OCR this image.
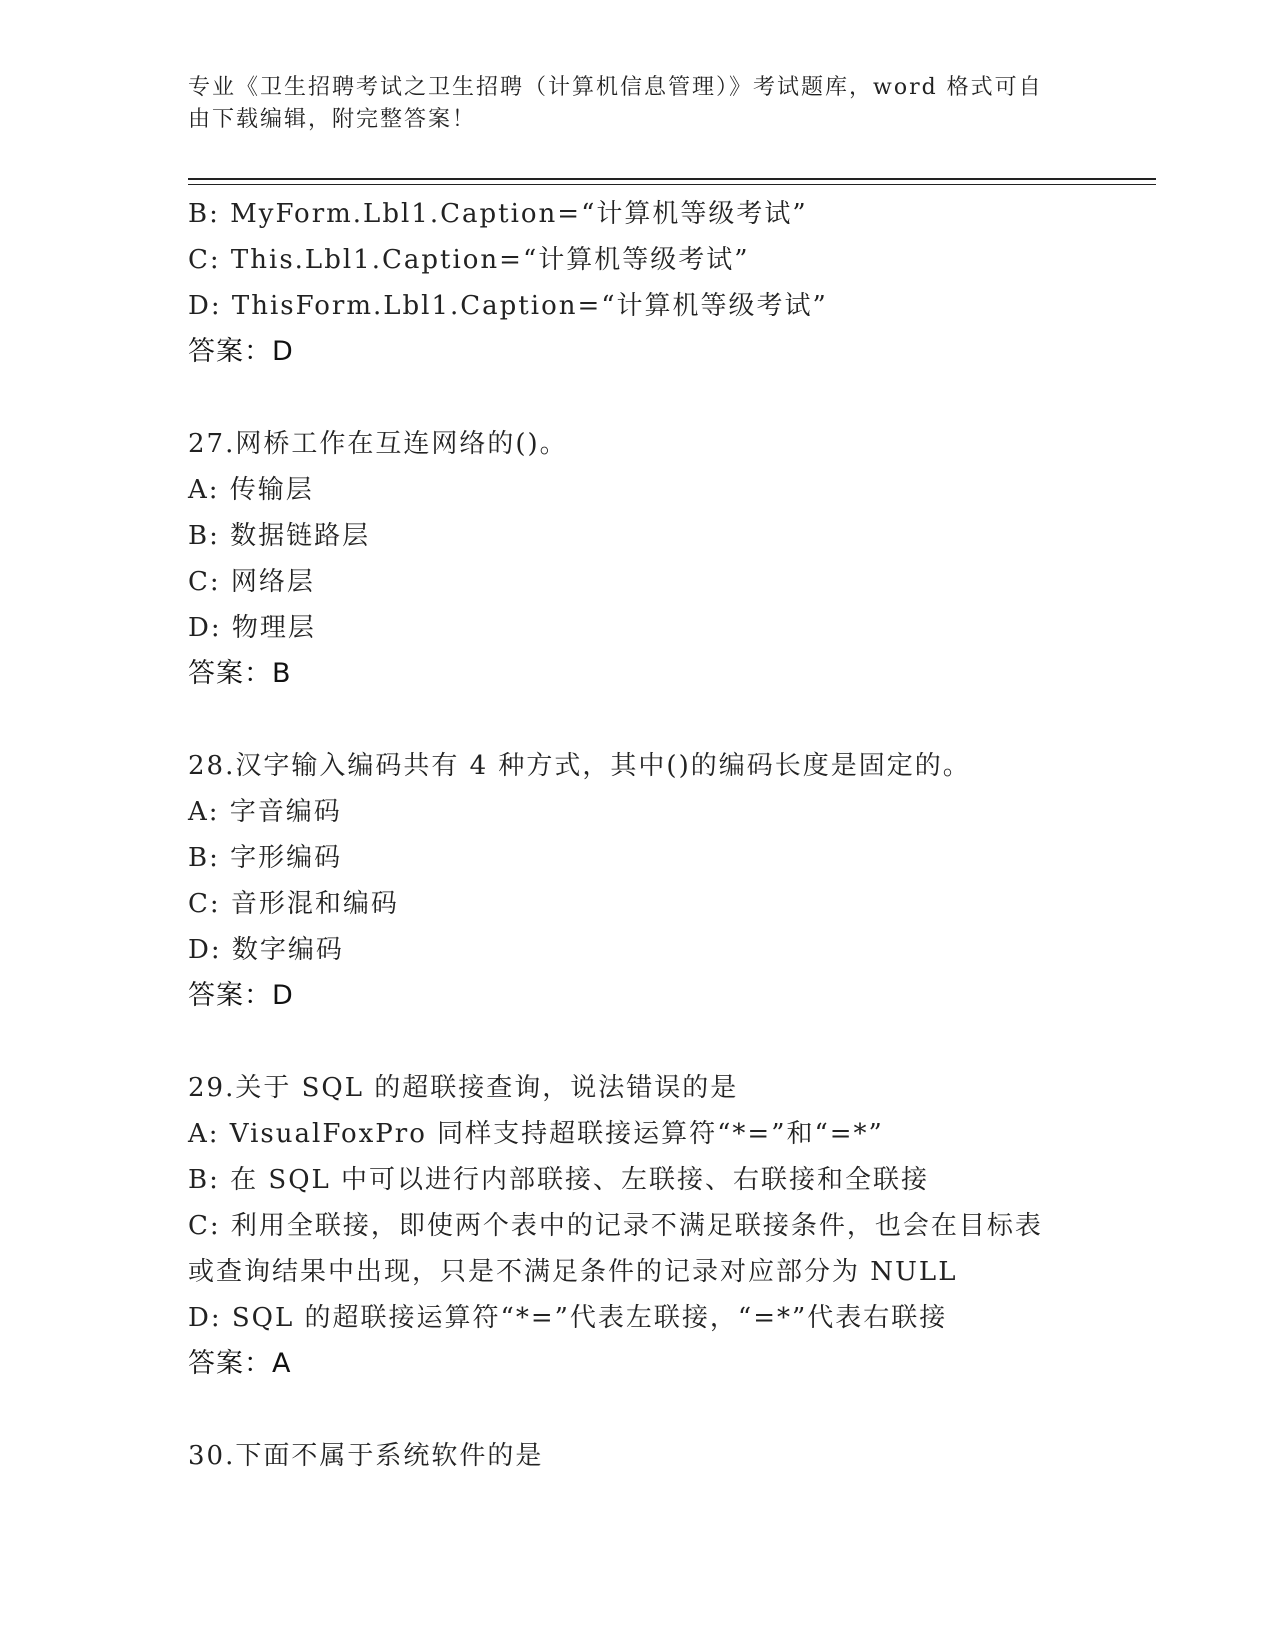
专业《卫生招聘考试之卫生招聘（计算机信息管理）》考试题库，word 格式可自
由下载编辑，附完整答案！
B: MyForm.Lbl1.Caption=“计算机等级考试”
C: This.Lbl1.Caption=“计算机等级考试”
D: ThisForm.Lbl1.Caption=“计算机等级考试”
答案：D
27.网桥工作在互连网络的()。
A: 传输层
B: 数据链路层
C: 网络层
D: 物理层
答案：B
28.汉字输入编码共有 4 种方式，其中()的编码长度是固定的。
A: 字音编码
B: 字形编码
C: 音形混和编码
D: 数字编码
答案：D
29.关于 SQL 的超联接查询，说法错误的是
A: VisualFoxPro 同样支持超联接运算符“*=”和“=*”
B: 在 SQL 中可以进行内部联接、左联接、右联接和全联接
C: 利用全联接，即使两个表中的记录不满足联接条件，也会在目标表
或查询结果中出现，只是不满足条件的记录对应部分为 NULL
D: SQL 的超联接运算符“*=”代表左联接，“=*”代表右联接
答案：A
30.下面不属于系统软件的是
